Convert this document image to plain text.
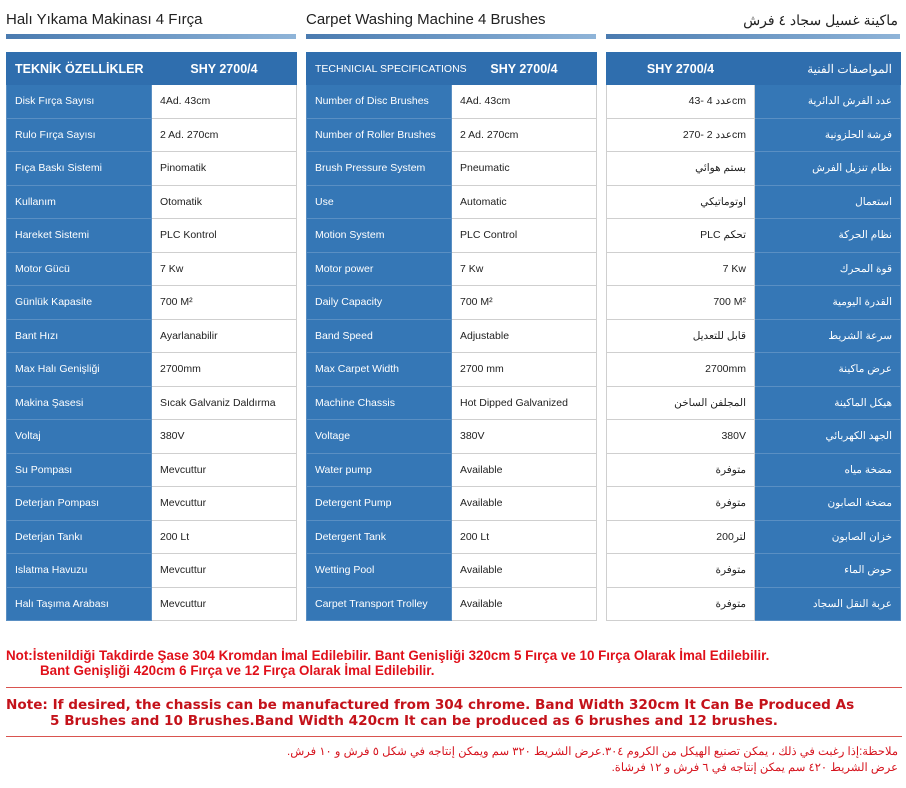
Halı Yıkama Makinası 4 Fırça
TEKNİK ÖZELLİKLER	SHY 2700/4
Disk Fırça Sayısı	4Ad. 43cm
Rulo Fırça Sayısı	2 Ad. 270cm
Fıça Baskı Sistemi	Pinomatik
Kullanım	Otomatik
Hareket Sistemi	PLC Kontrol
Motor Gücü	7 Kw
Günlük Kapasite	700 M²
Bant Hızı	Ayarlanabilir
Max Halı Genişliği	2700mm
Makina Şasesi	Sıcak Galvaniz Daldırma
Voltaj	380V
Su Pompası	Mevcuttur
Deterjan Pompası	Mevcuttur
Deterjan Tankı	200 Lt
Islatma Havuzu	Mevcuttur
Halı Taşıma Arabası	Mevcuttur
Carpet Washing Machine 4 Brushes
TECHNICIAL SPECIFICATIONS	SHY 2700/4
Number of Disc Brushes	4Ad. 43cm
Number of Roller Brushes	2 Ad. 270cm
Brush Pressure System	Pneumatic
Use	Automatic
Motion System	PLC Control
Motor power	7 Kw
Daily Capacity	700 M²
Band Speed	Adjustable
Max Carpet Width	2700 mm
Machine Chassis	Hot Dipped Galvanized
Voltage	380V
Water pump	Available
Detergent Pump	Available
Detergent Tank	200 Lt
Wetting Pool	Available
Carpet Transport Trolley	Available
ماكينة غسيل سجاد ٤ فرش
SHY 2700/4	المواصفات الفنية
عدد 4 -43cm	عدد الفرش الدائرية
عدد 2 -270cm	فرشة الحلزونية
بستم هوائي	نظام تنزيل الفرش
اوتوماتيكي	استعمال
PLC تحكم	نظام الحركة
7 Kw	قوة المحرك
700 M²	القدرة اليومية
قابل للتعديل	سرعة الشريط
2700mm	عرض ماكينة
المجلفن الساخن	هيكل الماكينة
380V	الجهد الكهربائي
متوفرة	مضخة مياه
متوفرة	مضخة الصابون
200لتر	خزان الصابون
متوفرة	حوض الماء
متوفرة	عربة النقل السجاد
Not:İstenildiği Takdirde Şase 304 Kromdan İmal Edilebilir. Bant Genişliği 320cm 5 Fırça ve 10 Fırça Olarak İmal Edilebilir.
Bant Genişliği 420cm 6 Fırça ve 12 Fırça Olarak İmal Edilebilir.
Note: If desired, the chassis can be manufactured from 304 chrome. Band Width 320cm It Can Be Produced As
5 Brushes and 10 Brushes.Band Width 420cm It can be produced as 6 brushes and 12 brushes.
ملاحظة:إذا رغبت في ذلك ، يمكن تصنيع الهيكل من الكروم ٣٠٤.عرض الشريط ٣٢٠ سم ويمكن إنتاجه في شكل ٥ فرش و ١٠ فرش.
عرض الشريط ٤٢٠ سم يمكن إنتاجه في ٦ فرش و ١٢ فرشاة.
